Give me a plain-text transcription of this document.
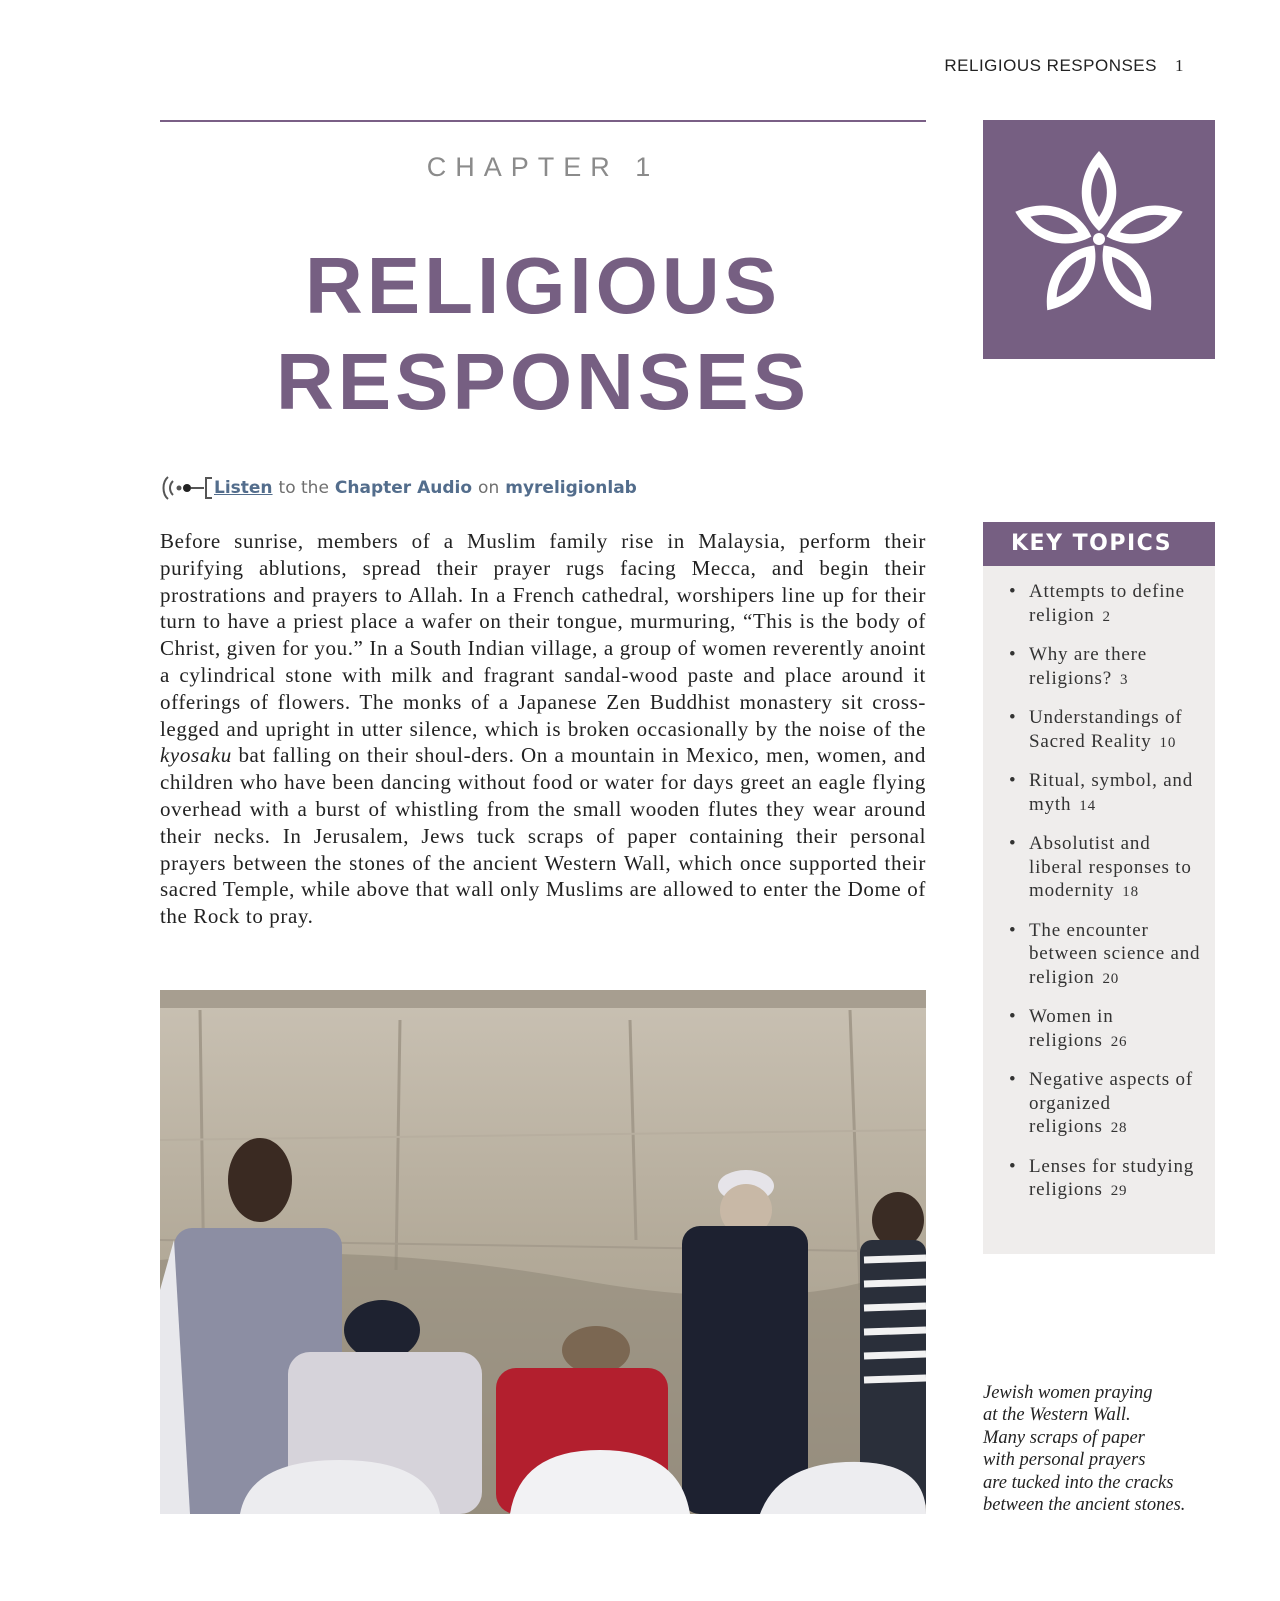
RELIGIOUS RESPONSES 1
CHAPTER 1
RELIGIOUS
RESPONSES
Listen to the Chapter Audio on myreligionlab

Before sunrise, members of a Muslim family rise in Malaysia, perform their purifying ablutions, spread their prayer rugs facing Mecca, and begin their prostrations and prayers to Allah. In a French cathedral, worshipers line up for their turn to have a priest place a wafer on their tongue, murmuring, “This is the body of Christ, given for you.” In a South Indian village, a group of women reverently anoint a cylindrical stone with milk and fragrant sandal-wood paste and place around it offerings of flowers. The monks of a Japanese Zen Buddhist monastery sit cross-legged and upright in utter silence, which is broken occasionally by the noise of the kyosaku bat falling on their shoul-ders. On a mountain in Mexico, men, women, and children who have been dancing without food or water for days greet an eagle flying overhead with a burst of whistling from the small wooden flutes they wear around their necks. In Jerusalem, Jews tuck scraps of paper containing their personal prayers between the stones of the ancient Western Wall, which once supported their sacred Temple, while above that wall only Muslims are allowed to enter the Dome of the Rock to pray.

KEY TOPICS
• Attempts to define religion 2
• Why are there religions? 3
• Understandings of Sacred Reality 10
• Ritual, symbol, and myth 14
• Absolutist and liberal responses to modernity 18
• The encounter between science and religion 20
• Women in religions 26
• Negative aspects of organized religions 28
• Lenses for studying religions 29

Jewish women praying

at the Western Wall.

Many scraps of paper

with personal prayers

are tucked into the cracks

between the ancient stones.
